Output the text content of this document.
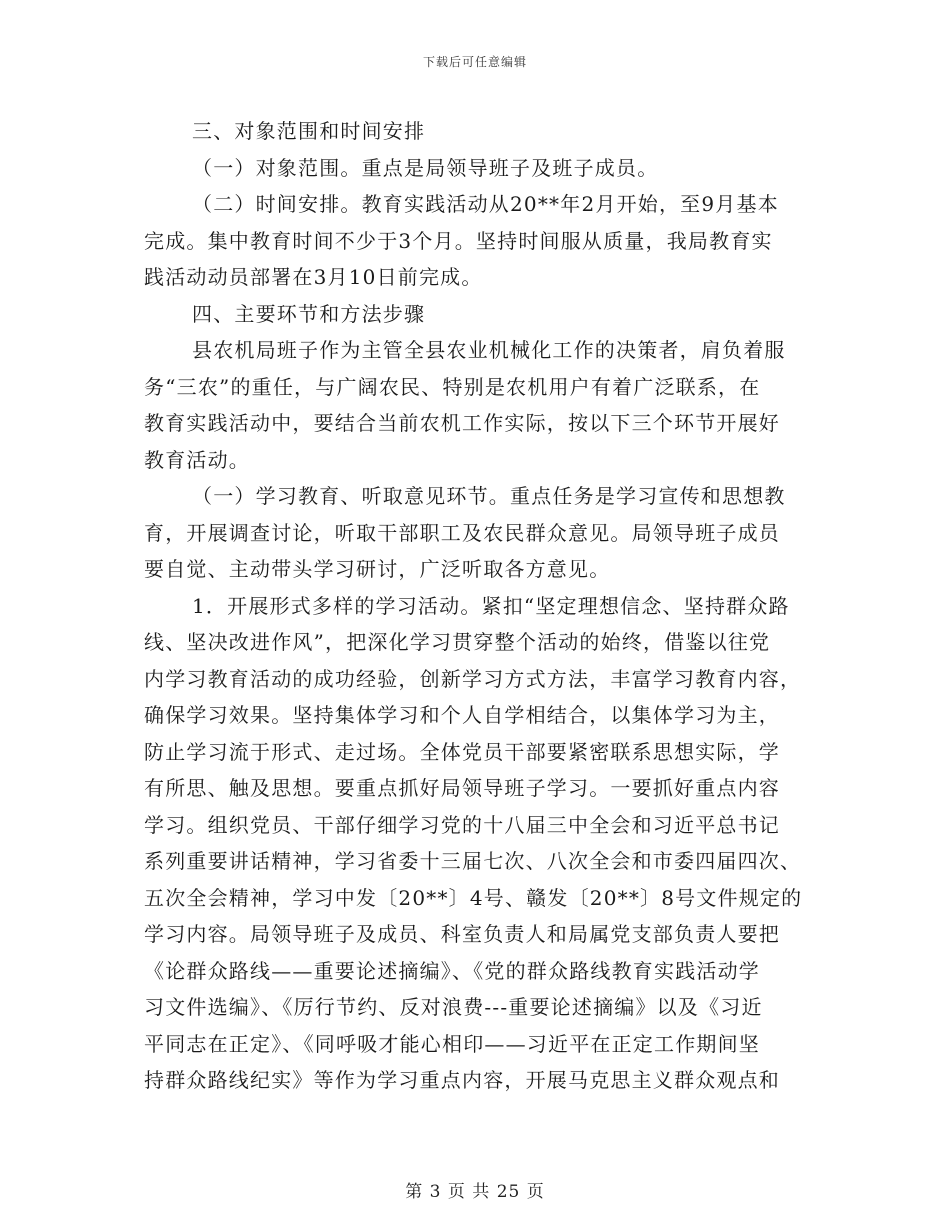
下载后可任意编辑

三、对象范围和时间安排

（一）对象范围。重点是局领导班子及班子成员。

（二）时间安排。教育实践活动从20**年2月开始，至9月基本

完成。集中教育时间不少于3个月。坚持时间服从质量，我局教育实

践活动动员部署在3月10日前完成。

四、主要环节和方法步骤

县农机局班子作为主管全县农业机械化工作的决策者，肩负着服

务“三农”的重任，与广阔农民、特别是农机用户有着广泛联系，在

教育实践活动中，要结合当前农机工作实际，按以下三个环节开展好

教育活动。

（一）学习教育、听取意见环节。重点任务是学习宣传和思想教

育，开展调查讨论，听取干部职工及农民群众意见。局领导班子成员

要自觉、主动带头学习研讨，广泛听取各方意见。

1．开展形式多样的学习活动。紧扣“坚定理想信念、坚持群众路

线、坚决改进作风”，把深化学习贯穿整个活动的始终，借鉴以往党

内学习教育活动的成功经验，创新学习方式方法，丰富学习教育内容，

确保学习效果。坚持集体学习和个人自学相结合，以集体学习为主，

防止学习流于形式、走过场。全体党员干部要紧密联系思想实际，学

有所思、触及思想。要重点抓好局领导班子学习。一要抓好重点内容

学习。组织党员、干部仔细学习党的十八届三中全会和习近平总书记

系列重要讲话精神，学习省委十三届七次、八次全会和市委四届四次、

五次全会精神，学习中发〔20**〕4号、赣发〔20**〕8号文件规定的

学习内容。局领导班子及成员、科室负责人和局属党支部负责人要把

《论群众路线——重要论述摘编》、《党的群众路线教育实践活动学

习文件选编》、《厉行节约、反对浪费---重要论述摘编》以及《习近

平同志在正定》、《同呼吸才能心相印——习近平在正定工作期间坚

持群众路线纪实》等作为学习重点内容，开展马克思主义群众观点和

第 3 页 共 25 页
